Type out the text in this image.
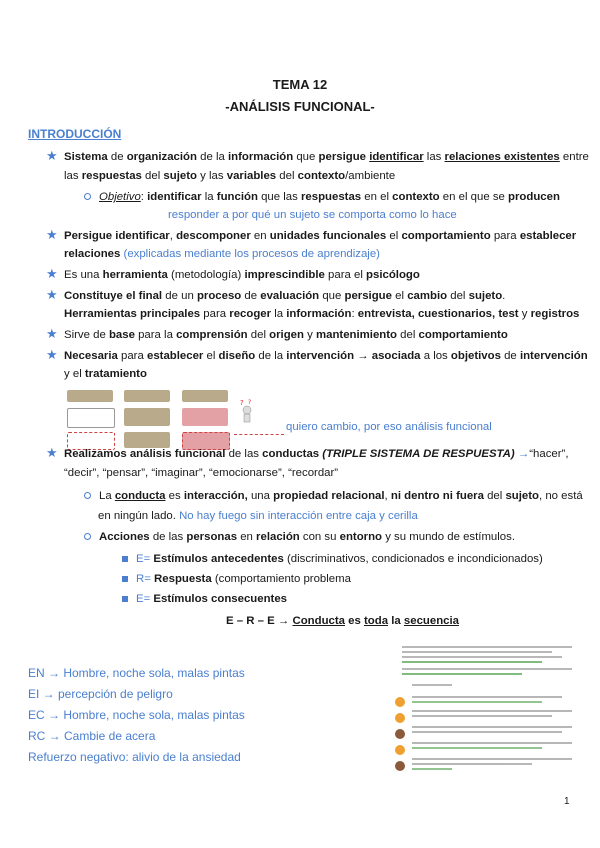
TEMA 12
-ANÁLISIS FUNCIONAL-
INTRODUCCIÓN
★ Sistema de organización de la información que persigue identificar las relaciones existentes entre
las respuestas del sujeto y las variables del contexto/ambiente
Objetivo: identificar la función que las respuestas en el contexto en el que se producen
responder a por qué un sujeto se comporta como lo hace
★ Persigue identificar, descomponer en unidades funcionales el comportamiento para establecer
relaciones (explicadas mediante los procesos de aprendizaje)
★ Es una herramienta (metodología) imprescindible para el psicólogo
★ Constituye el final de un proceso de evaluación que persigue el cambio del sujeto.
Herramientas principales para recoger la información: entrevista, cuestionarios, test y registros
★ Sirve de base para la comprensión del origen y mantenimiento del comportamiento
★ Necesaria para establecer el diseño de la intervención → asociada a los objetivos de intervención
y el tratamiento
? ?
quiero cambio, por eso análisis funcional
★ Realizamos análisis funcional de las conductas (TRIPLE SISTEMA DE RESPUESTA) →“hacer”,
“decir”, “pensar”, “imaginar”, “emocionarse”, “recordar”
La conducta es interacción, una propiedad relacional, ni dentro ni fuera del sujeto, no está
en ningún lado. No hay fuego sin interacción entre caja y cerilla
Acciones de las personas en relación con su entorno y su mundo de estímulos.
E= Estímulos antecedentes (discriminativos, condicionados e incondicionados)
R= Respuesta (comportamiento problema
E= Estímulos consecuentes
E – R – E → Conducta es toda la secuencia
EN → Hombre, noche sola, malas pintas
EI → percepción de peligro
EC → Hombre, noche sola, malas pintas
RC → Cambie de acera
Refuerzo negativo: alivio de la ansiedad
1
